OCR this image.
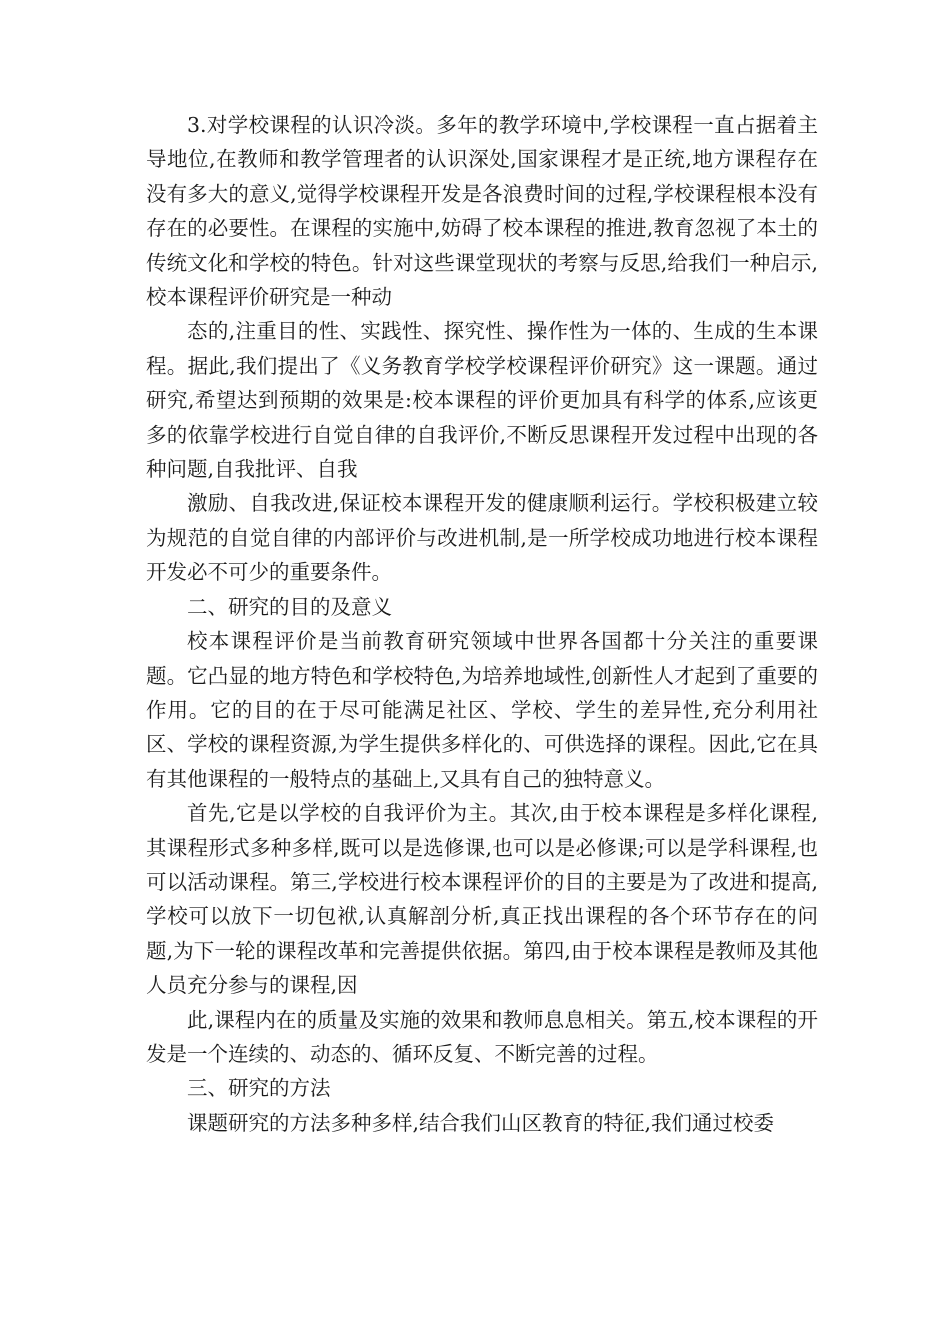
3.对学校课程的认识冷淡。多年的教学环境中,学校课程一直占据着主导地位,在教师和教学管理者的认识深处,国家课程才是正统,地方课程存在没有多大的意义,觉得学校课程开发是各浪费时间的过程,学校课程根本没有存在的必要性。在课程的实施中,妨碍了校本课程的推进,教育忽视了本土的传统文化和学校的特色。针对这些课堂现状的考察与反思,给我们一种启示,校本课程评价研究是一种动

态的,注重目的性、实践性、探究性、操作性为一体的、生成的生本课程。据此,我们提出了《义务教育学校学校课程评价研究》这一课题。通过研究,希望达到预期的效果是:校本课程的评价更加具有科学的体系,应该更多的依靠学校进行自觉自律的自我评价,不断反思课程开发过程中出现的各种问题,自我批评、自我

激励、自我改进,保证校本课程开发的健康顺利运行。学校积极建立较为规范的自觉自律的内部评价与改进机制,是一所学校成功地进行校本课程开发必不可少的重要条件。

二、研究的目的及意义

校本课程评价是当前教育研究领域中世界各国都十分关注的重要课题。它凸显的地方特色和学校特色,为培养地域性,创新性人才起到了重要的作用。它的目的在于尽可能满足社区、学校、学生的差异性,充分利用社区、学校的课程资源,为学生提供多样化的、可供选择的课程。因此,它在具有其他课程的一般特点的基础上,又具有自己的独特意义。

首先,它是以学校的自我评价为主。其次,由于校本课程是多样化课程,其课程形式多种多样,既可以是选修课,也可以是必修课;可以是学科课程,也可以活动课程。第三,学校进行校本课程评价的目的主要是为了改进和提高,学校可以放下一切包袱,认真解剖分析,真正找出课程的各个环节存在的问题,为下一轮的课程改革和完善提供依据。第四,由于校本课程是教师及其他人员充分参与的课程,因

此,课程内在的质量及实施的效果和教师息息相关。第五,校本课程的开发是一个连续的、动态的、循环反复、不断完善的过程。

三、研究的方法

课题研究的方法多种多样,结合我们山区教育的特征,我们通过校委
